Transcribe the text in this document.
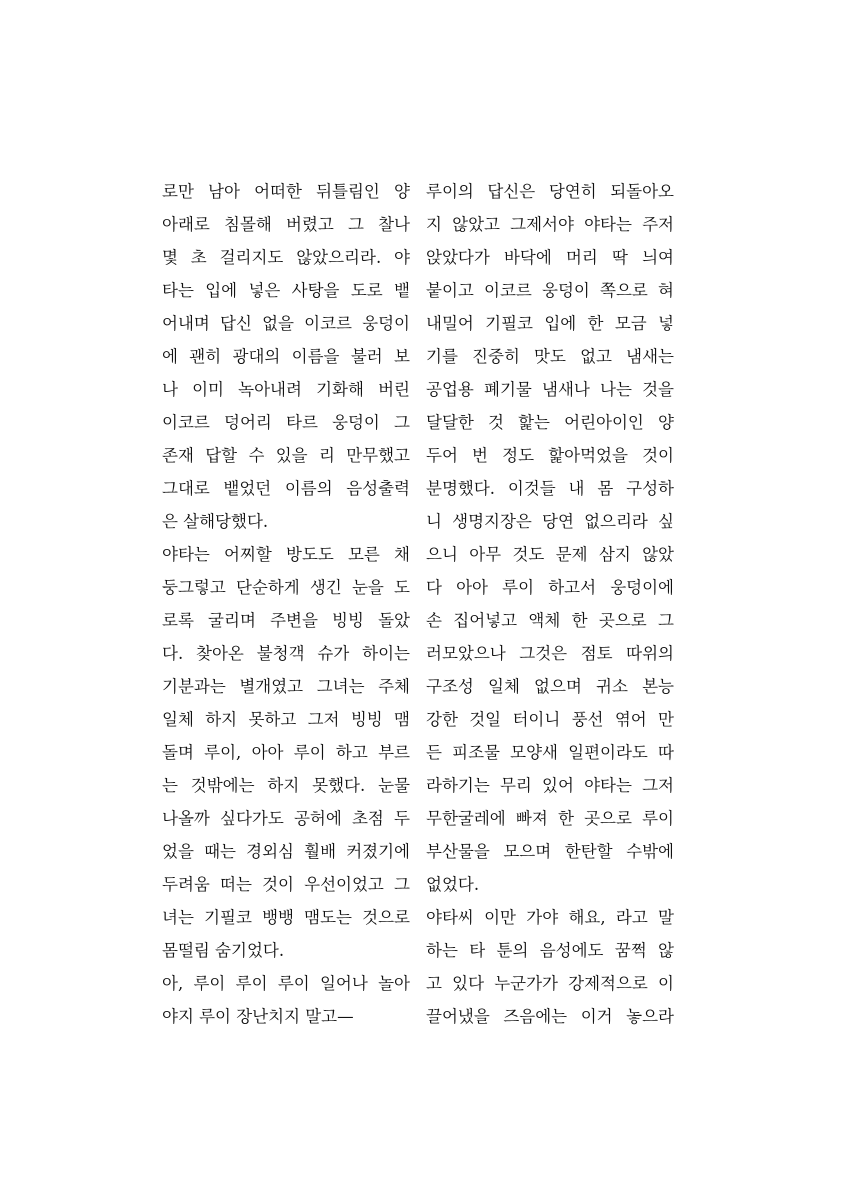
로만 남아 어떠한 뒤틀림인 양
아래로 침몰해 버렸고 그 찰나
몇 초 걸리지도 않았으리라. 야
타는 입에 넣은 사탕을 도로 뱉
어내며 답신 없을 이코르 웅덩이
에 괜히 광대의 이름을 불러 보
나 이미 녹아내려 기화해 버린
이코르 덩어리 타르 웅덩이 그
존재 답할 수 있을 리 만무했고
그대로 뱉었던 이름의 음성출력
은 살해당했다.
야타는 어찌할 방도도 모른 채
둥그렇고 단순하게 생긴 눈을 도
로록 굴리며 주변을 빙빙 돌았
다. 찾아온 불청객 슈가 하이는
기분과는 별개였고 그녀는 주체
일체 하지 못하고 그저 빙빙 맴
돌며 루이, 아아 루이 하고 부르
는 것밖에는 하지 못했다. 눈물
나올까 싶다가도 공허에 초점 두
었을 때는 경외심 훨배 커졌기에
두려움 떠는 것이 우선이었고 그
녀는 기필코 뱅뱅 맴도는 것으로
몸떨림 숨기었다.
아, 루이 루이 루이 일어나 놀아
야지 루이 장난치지 말고—
루이의 답신은 당연히 되돌아오
지 않았고 그제서야 야타는 주저
앉았다가 바닥에 머리 딱 늬여
붙이고 이코르 웅덩이 쪽으로 혀
내밀어 기필코 입에 한 모금 넣
기를 진중히 맛도 없고 냄새는
공업용 폐기물 냄새나 나는 것을
달달한 것 핥는 어린아이인 양
두어 번 정도 핥아먹었을 것이
분명했다. 이것들 내 몸 구성하
니 생명지장은 당연 없으리라 싶
으니 아무 것도 문제 삼지 않았
다 아아 루이 하고서 웅덩이에
손 집어넣고 액체 한 곳으로 그
러모았으나 그것은 점토 따위의
구조성 일체 없으며 귀소 본능
강한 것일 터이니 풍선 엮어 만
든 피조물 모양새 일편이라도 따
라하기는 무리 있어 야타는 그저
무한굴레에 빠져 한 곳으로 루이
부산물을 모으며 한탄할 수밖에
없었다.
야타씨 이만 가야 해요, 라고 말
하는 타 툰의 음성에도 꿈쩍 않
고 있다 누군가가 강제적으로 이
끌어냈을 즈음에는 이거 놓으라
